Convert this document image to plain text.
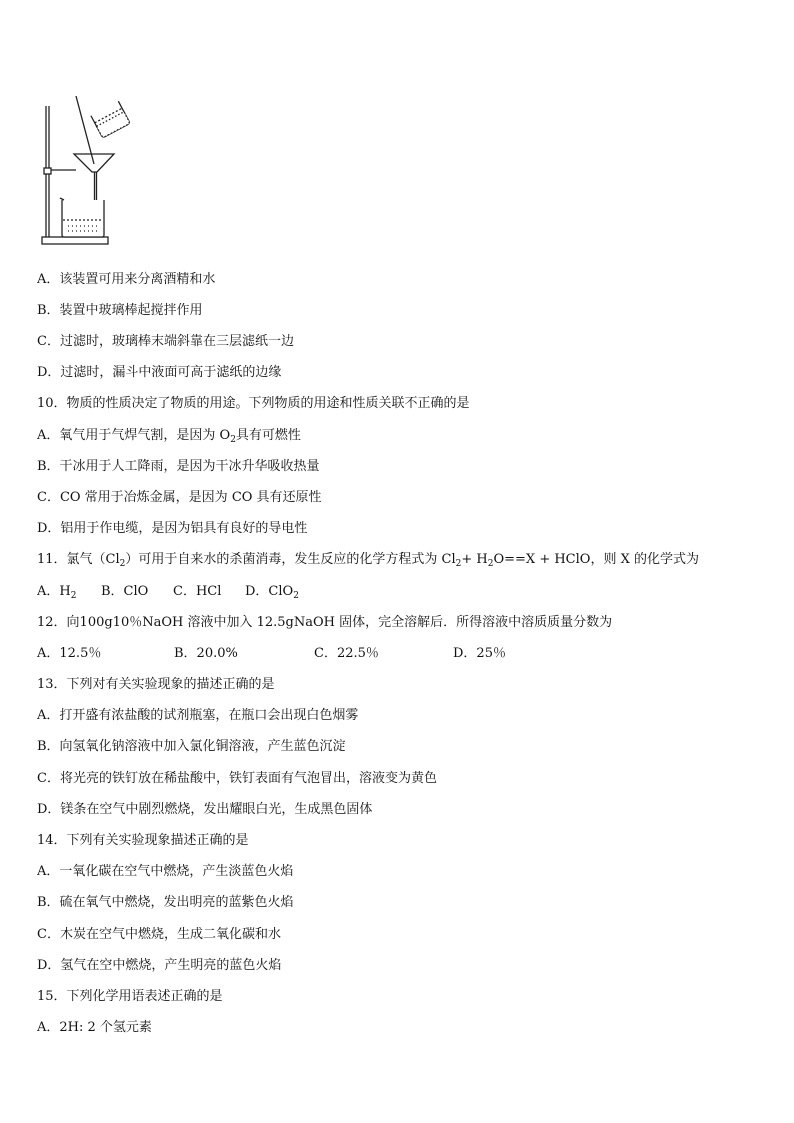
A．该装置可用来分离酒精和水
B．装置中玻璃棒起搅拌作用
C．过滤时，玻璃棒末端斜靠在三层滤纸一边
D．过滤时，漏斗中液面可高于滤纸的边缘
10．物质的性质决定了物质的用途。下列物质的用途和性质关联不正确的是
A．氧气用于气焊气割，是因为 $O_2$具有可燃性
B．干冰用于人工降雨，是因为干冰升华吸收热量
C．CO 常用于冶炼金属，是因为 CO 具有还原性
D．铝用于作电缆，是因为铝具有良好的导电性
11．氯气$(Cl_2)$可用于自来水的杀菌消毒，发生反应的化学方程式为 $Cl_2+ H_2O==X$ + HClO，则 X 的化学式为
A．$H_2$ B．ClO C．HCl D．ClO$_2$
12．向100g10％NaOH 溶液中加入 12.5gNaOH 固体，完全溶解后．所得溶液中溶质质量分数为
A．12.5％	B．20.0%	C．22.5％	D．25％
13．下列对有关实验现象的描述正确的是
A．打开盛有浓盐酸的试剂瓶塞，在瓶口会出现白色烟雾
B．向氢氧化钠溶液中加入氯化铜溶液，产生蓝色沉淀
C．将光亮的铁钉放在稀盐酸中，铁钉表面有气泡冒出，溶液变为黄色
D．镁条在空气中剧烈燃烧，发出耀眼白光，生成黑色固体
14．下列有关实验现象描述正确的是
A．一氧化碳在空气中燃烧，产生淡蓝色火焰
B．硫在氧气中燃烧，发出明亮的蓝紫色火焰
C．木炭在空气中燃烧，生成二氧化碳和水
D．氢气在空中燃烧，产生明亮的蓝色火焰
15．下列化学用语表述正确的是
A．2H: 2 个氢元素
